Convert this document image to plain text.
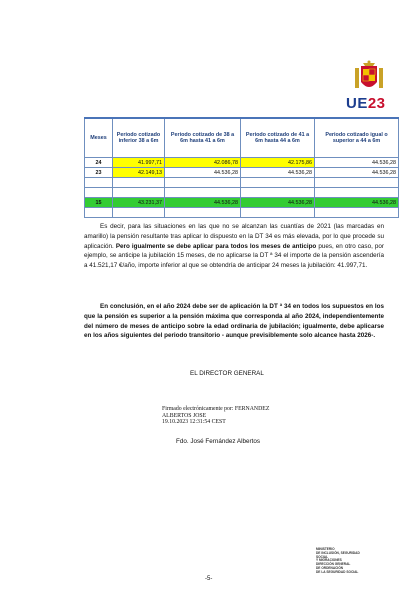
UE23
Meses	Periodo cotizado inferior 38 a 6m	Periodo cotizado de 38 a 6m hasta 41 a 6m	Periodo cotizado de 41 a 6m hasta 44 a 6m	Periodo cotizado igual o superior a 44 a 6m
24	41.997,71	42.086,78	42.175,86	44.536,28
23	42.149,13	44.536,28	44.536,28	44.536,28

15	43.231,37	44.536,28	44.536,28	44.536,28

Es decir, para las situaciones en las que no se alcanzan las cuantías de 2021 (las marcadas en amarillo) la pensión resultante tras aplicar lo dispuesto en la DT 34 es más elevada, por lo que procede su aplicación. Pero igualmente se debe aplicar para todos los meses de anticipo pues, en otro caso, por ejemplo, se anticipe la jubilación 15 meses, de no aplicarse la DT ª 34 el importe de la pensión ascendería a 41.521,17 €/año, importe inferior al que se obtendría de anticipar 24 meses la jubilación: 41.997,71.

En conclusión, en el año 2024 debe ser de aplicación la DT ª 34 en todos los supuestos en los que la pensión es superior a la pensión máxima que corresponda al año 2024, independientemente del número de meses de anticipo sobre la edad ordinaria de jubilación; igualmente, debe aplicarse en los años siguientes del periodo transitorio - aunque previsiblemente solo alcance hasta 2026-.

EL DIRECTOR GENERAL
Firmado electrónicamente por: FERNANDEZ
ALBERTOS JOSE
19.10.2023 12:31:54 CEST
Fdo. José Fernández Albertos
MINISTERIO
DE INCLUSIÓN, SEGURIDAD SOCIAL
Y MIGRACIONES
DIRECCIÓN GENERAL
DE ORDENACIÓN
DE LA SEGURIDAD SOCIAL
-5-
